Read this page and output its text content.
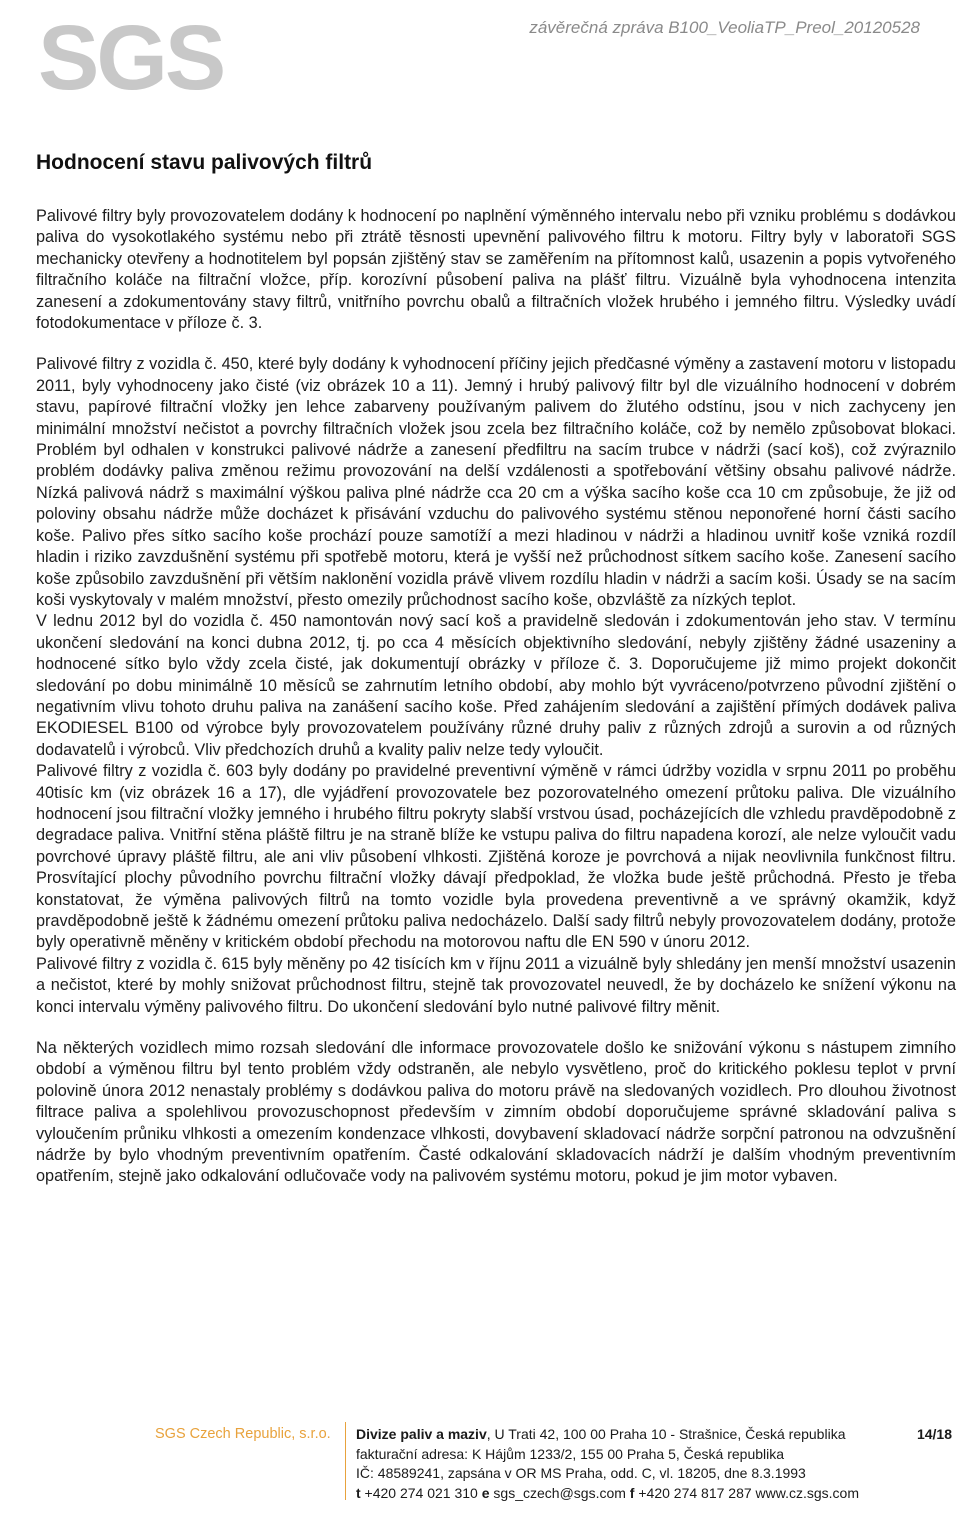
SGS	závěrečná zpráva B100_VeoliaTP_Preol_20120528
Hodnocení stavu palivových filtrů

Palivové filtry byly provozovatelem dodány k hodnocení po naplnění výměnného intervalu nebo při vzniku problému s dodávkou paliva do vysokotlakého systému nebo při ztrátě těsnosti upevnění palivového filtru k motoru. Filtry byly v laboratoři SGS mechanicky otevřeny a hodnotitelem byl popsán zjištěný stav se zaměřením na přítomnost kalů, usazenin a popis vytvořeného filtračního koláče na filtrační vložce, příp. korozívní působení paliva na plášť filtru. Vizuálně byla vyhodnocena intenzita zanesení a zdokumentovány stavy filtrů, vnitřního povrchu obalů a filtračních vložek hrubého i jemného filtru. Výsledky uvádí fotodokumentace v příloze č. 3.

Palivové filtry z vozidla č. 450, které byly dodány k vyhodnocení příčiny jejich předčasné výměny a zastavení motoru v listopadu 2011, byly vyhodnoceny jako čisté (viz obrázek 10 a 11). Jemný i hrubý palivový filtr byl dle vizuálního hodnocení v dobrém stavu, papírové filtrační vložky jen lehce zabarveny používaným palivem do žlutého odstínu, jsou v nich zachyceny jen minimální množství nečistot a povrchy filtračních vložek jsou zcela bez filtračního koláče, což by nemělo způsobovat blokaci. Problém byl odhalen v konstrukci palivové nádrže a zanesení předfiltru na sacím trubce v nádrži (sací koš), což zvýraznilo problém dodávky paliva změnou režimu provozování na delší vzdálenosti a spotřebování většiny obsahu palivové nádrže. Nízká palivová nádrž s maximální výškou paliva plné nádrže cca 20 cm a výška sacího koše cca 10 cm způsobuje, že již od poloviny obsahu nádrže může docházet k přisávání vzduchu do palivového systému stěnou neponořené horní části sacího koše. Palivo přes sítko sacího koše prochází pouze samotíží a mezi hladinou v nádrži a hladinou uvnitř koše vzniká rozdíl hladin i riziko zavzdušnění systému při spotřebě motoru, která je vyšší než průchodnost sítkem sacího koše. Zanesení sacího koše způsobilo zavzdušnění při větším naklonění vozidla právě vlivem rozdílu hladin v nádrži a sacím koši. Úsady se na sacím koši vyskytovaly v malém množství, přesto omezily průchodnost sacího koše, obzvláště za nízkých teplot.

V lednu 2012 byl do vozidla č. 450 namontován nový sací koš a pravidelně sledován i zdokumentován jeho stav. V termínu ukončení sledování na konci dubna 2012, tj. po cca 4 měsících objektivního sledování, nebyly zjištěny žádné usazeniny a hodnocené sítko bylo vždy zcela čisté, jak dokumentují obrázky v příloze č. 3. Doporučujeme již mimo projekt dokončit sledování po dobu minimálně 10 měsíců se zahrnutím letního období, aby mohlo být vyvráceno/potvrzeno původní zjištění o negativním vlivu tohoto druhu paliva na zanášení sacího koše. Před zahájením sledování a zajištění přímých dodávek paliva EKODIESEL B100 od výrobce byly provozovatelem používány různé druhy paliv z různých zdrojů a surovin a od různých dodavatelů i výrobců. Vliv předchozích druhů a kvality paliv nelze tedy vyloučit.

Palivové filtry z vozidla č. 603 byly dodány po pravidelné preventivní výměně v rámci údržby vozidla v srpnu 2011 po proběhu 40tisíc km (viz obrázek 16 a 17), dle vyjádření provozovatele bez pozorovatelného omezení průtoku paliva. Dle vizuálního hodnocení jsou filtrační vložky jemného i hrubého filtru pokryty slabší vrstvou úsad, pocházejících dle vzhledu pravděpodobně z degradace paliva. Vnitřní stěna pláště filtru je na straně blíže ke vstupu paliva do filtru napadena korozí, ale nelze vyloučit vadu povrchové úpravy pláště filtru, ale ani vliv působení vlhkosti. Zjištěná koroze je povrchová a nijak neovlivnila funkčnost filtru. Prosvítající plochy původního povrchu filtrační vložky dávají předpoklad, že vložka bude ještě průchodná. Přesto je třeba konstatovat, že výměna palivových filtrů na tomto vozidle byla provedena preventivně a ve správný okamžik, když pravděpodobně ještě k žádnému omezení průtoku paliva nedocházelo. Další sady filtrů nebyly provozovatelem dodány, protože byly operativně měněny v kritickém období přechodu na motorovou naftu dle EN 590 v únoru 2012.

Palivové filtry z vozidla č. 615 byly měněny po 42 tisících km v říjnu 2011 a vizuálně byly shledány jen menší množství usazenin a nečistot, které by mohly snižovat průchodnost filtru, stejně tak provozovatel neuvedl, že by docházelo ke snížení výkonu na konci intervalu výměny palivového filtru. Do ukončení sledování bylo nutné palivové filtry měnit.

Na některých vozidlech mimo rozsah sledování dle informace provozovatele došlo ke snižování výkonu s nástupem zimního období a výměnou filtru byl tento problém vždy odstraněn, ale nebylo vysvětleno, proč do kritického poklesu teplot v první polovině února 2012 nenastaly problémy s dodávkou paliva do motoru právě na sledovaných vozidlech. Pro dlouhou životnost filtrace paliva a spolehlivou provozuschopnost především v zimním období doporučujeme správné skladování paliva s vyloučením průniku vlhkosti a omezením kondenzace vlhkosti, dovybavení skladovací nádrže sorpční patronou na odvzušnění nádrže by bylo vhodným preventivním opatřením. Časté odkalování skladovacích nádrží je dalším vhodným preventivním opatřením, stejně jako odkalování odlučovače vody na palivovém systému motoru, pokud je jim motor vybaven.

SGS Czech Republic, s.r.o. Divize paliv a maziv, U Trati 42, 100 00 Praha 10 - Strašnice, Česká republika
fakturační adresa: K Hájům 1233/2, 155 00 Praha 5, Česká republika
IČ: 48589241, zapsána v OR MS Praha, odd. C, vl. 18205, dne 8.3.1993
t +420 274 021 310 e sgs_czech@sgs.com f +420 274 817 287 www.cz.sgs.com
14/18
